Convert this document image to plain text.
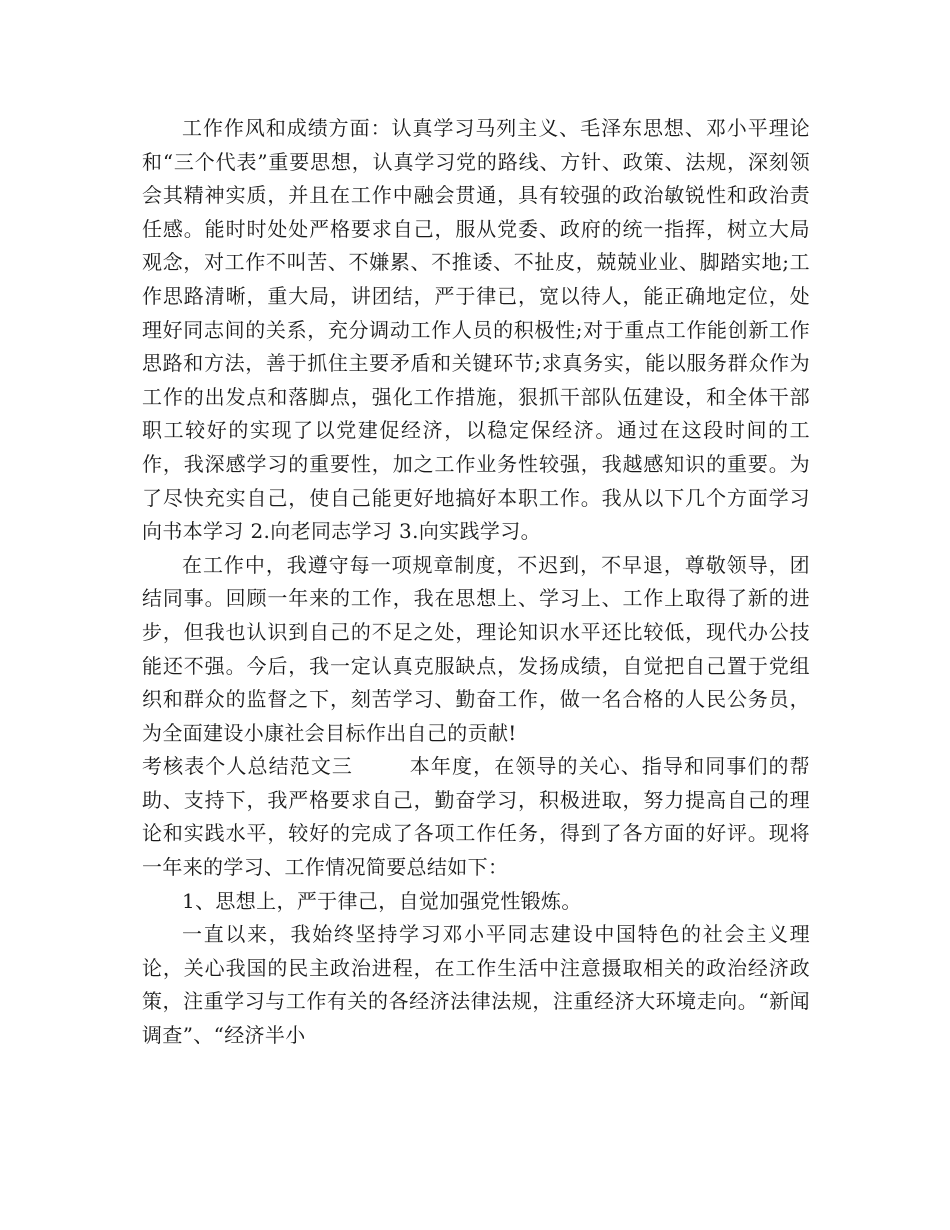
工作作风和成绩方面：认真学习马列主义、毛泽东思想、邓小平理论和“三个代表”重要思想，认真学习党的路线、方针、政策、法规，深刻领会其精神实质，并且在工作中融会贯通，具有较强的政治敏锐性和政治责任感。能时时处处严格要求自己，服从党委、政府的统一指挥，树立大局观念，对工作不叫苦、不嫌累、不推诿、不扯皮，兢兢业业、脚踏实地;工作思路清晰，重大局，讲团结，严于律已，宽以待人，能正确地定位，处理好同志间的关系，充分调动工作人员的积极性;对于重点工作能创新工作思路和方法，善于抓住主要矛盾和关键环节;求真务实，能以服务群众作为工作的出发点和落脚点，强化工作措施，狠抓干部队伍建设，和全体干部职工较好的实现了以党建促经济，以稳定保经济。通过在这段时间的工作，我深感学习的重要性，加之工作业务性较强，我越感知识的重要。为了尽快充实自己，使自己能更好地搞好本职工作。我从以下几个方面学习向书本学习 2.向老同志学习 3.向实践学习。

在工作中，我遵守每一项规章制度，不迟到，不早退，尊敬领导，团结同事。回顾一年来的工作，我在思想上、学习上、工作上取得了新的进步，但我也认识到自己的不足之处，理论知识水平还比较低，现代办公技能还不强。今后，我一定认真克服缺点，发扬成绩，自觉把自己置于党组织和群众的监督之下，刻苦学习、勤奋工作，做一名合格的人民公务员，为全面建设小康社会目标作出自己的贡献!

考核表个人总结范文三	本年度，在领导的关心、指导和同事们的帮助、支持下，我严格要求自己，勤奋学习，积极进取，努力提高自己的理论和实践水平，较好的完成了各项工作任务，得到了各方面的好评。现将一年来的学习、工作情况简要总结如下：

1、思想上，严于律己，自觉加强党性锻炼。

一直以来，我始终坚持学习邓小平同志建设中国特色的社会主义理论，关心我国的民主政治进程，在工作生活中注意摄取相关的政治经济政策，注重学习与工作有关的各经济法律法规，注重经济大环境走向。“新闻调查”、“经济半小
